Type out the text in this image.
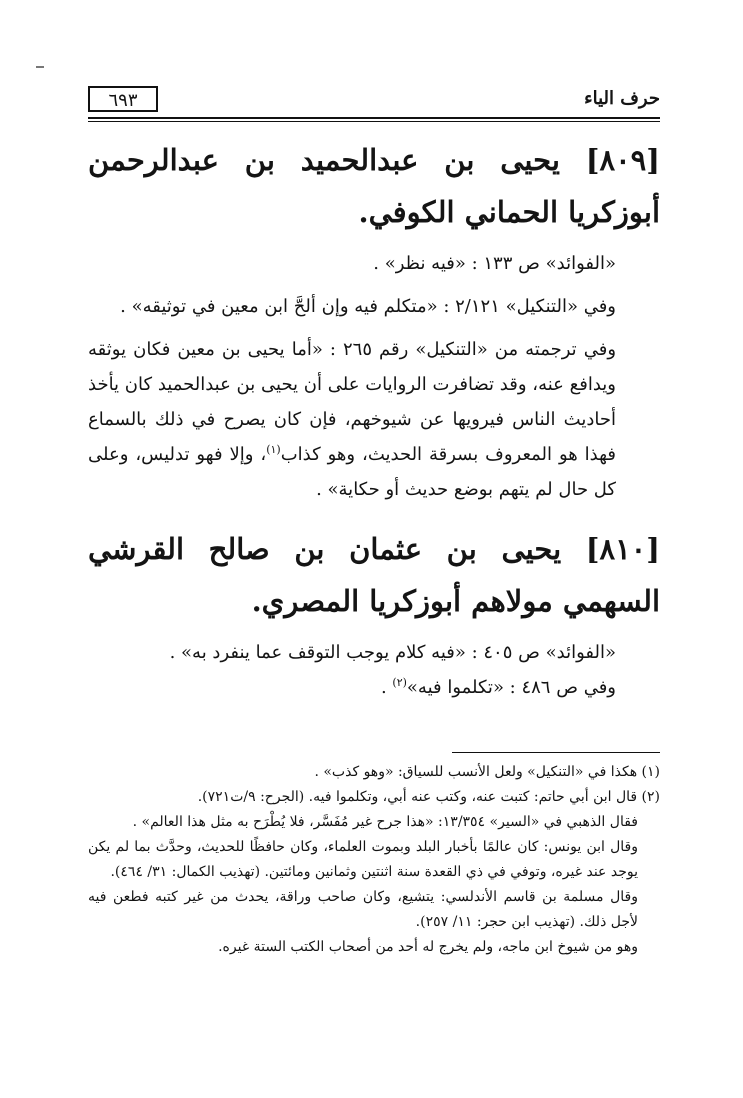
٦٩٣	حرف الياء
[٨٠٩] يحيى بن عبدالحميد بن عبدالرحمن أبوزكريا الحماني الكوفي.

«الفوائد» ص ١٣٣ : «فيه نظر» .

وفي «التنكيل» ٢/١٢١ : «متكلم فيه وإن ألحَّ ابن معين في توثيقه» .

وفي ترجمته من «التنكيل» رقم ٢٦٥ : «أما يحيى بن معين فكان يوثقه ويدافع عنه، وقد تضافرت الروايات على أن يحيى بن عبدالحميد كان يأخذ أحاديث الناس فيرويها عن شيوخهم، فإن كان يصرح في ذلك بالسماع فهذا هو المعروف بسرقة الحديث، وهو كذاب$^{(١)}$، وإلا فهو تدليس، وعلى كل حال لم يتهم بوضع حديث أو حكاية» .

[٨١٠] يحيى بن عثمان بن صالح القرشي السهمي مولاهم أبوزكريا المصري.

«الفوائد» ص ٤٠٥ : «فيه كلام يوجب التوقف عما ينفرد به» .

وفي ص ٤٨٦ : «تكلموا فيه»$^{(٢)}$ .

(١) هكذا في «التنكيل» ولعل الأنسب للسياق: «وهو كذب» .

(٢) قال ابن أبي حاتم: كتبت عنه، وكتب عنه أبي، وتكلموا فيه. (الجرح: ٩/ت٧٢١).

فقال الذهبي في «السير» ١٣/٣٥٤: «هذا جرح غير مُفَسَّر، فلا يُطْرَح به مثل هذا العالم» .

وقال ابن يونس: كان عالمًا بأخبار البلد وبموت العلماء، وكان حافظًا للحديث، وحدَّث بما لم يكن يوجد عند غيره، وتوفي في ذي القعدة سنة اثنتين وثمانين ومائتين. (تهذيب الكمال: ٣١/ ٤٦٤).

وقال مسلمة بن قاسم الأندلسي: يتشيع، وكان صاحب وراقة، يحدث من غير كتبه فطعن فيه لأجل ذلك. (تهذيب ابن حجر: ١١/ ٢٥٧).

وهو من شيوخ ابن ماجه، ولم يخرج له أحد من أصحاب الكتب الستة غيره.
